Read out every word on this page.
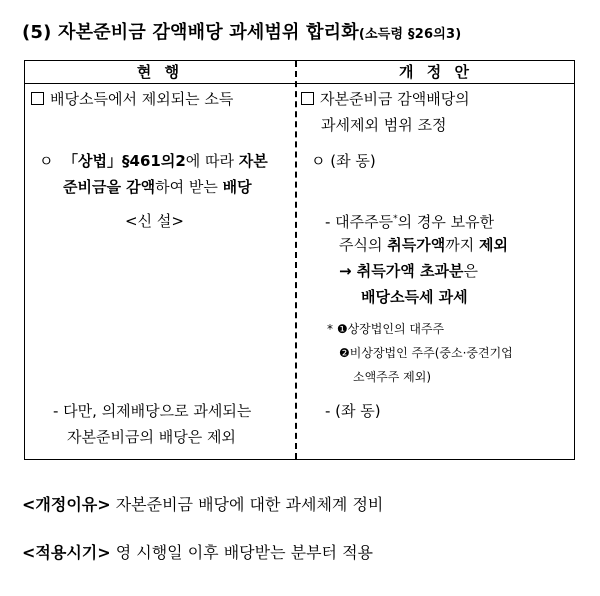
(5) 자본준비금 감액배당 과세범위 합리화(소득령 §26의3)
현 행	개 정 안
배당소득에서 제외되는 소득
ㅇ 「상법」§461의2에 따라 자본
준비금을 감액하여 받는 배당
<신 설>
- 다만, 의제배당으로 과세되는
자본준비금의 배당은 제외
자본준비금 감액배당의
과세제외 범위 조정
ㅇ (좌 동)
- 대주주등*의 경우 보유한
주식의 취득가액까지 제외
→ 취득가액 초과분은
배당소득세 과세
* ❶상장법인의 대주주
❷비상장법인 주주(중소·중견기업
소액주주 제외)
- (좌 동)
<개정이유> 자본준비금 배당에 대한 과세체계 정비
<적용시기> 영 시행일 이후 배당받는 분부터 적용
